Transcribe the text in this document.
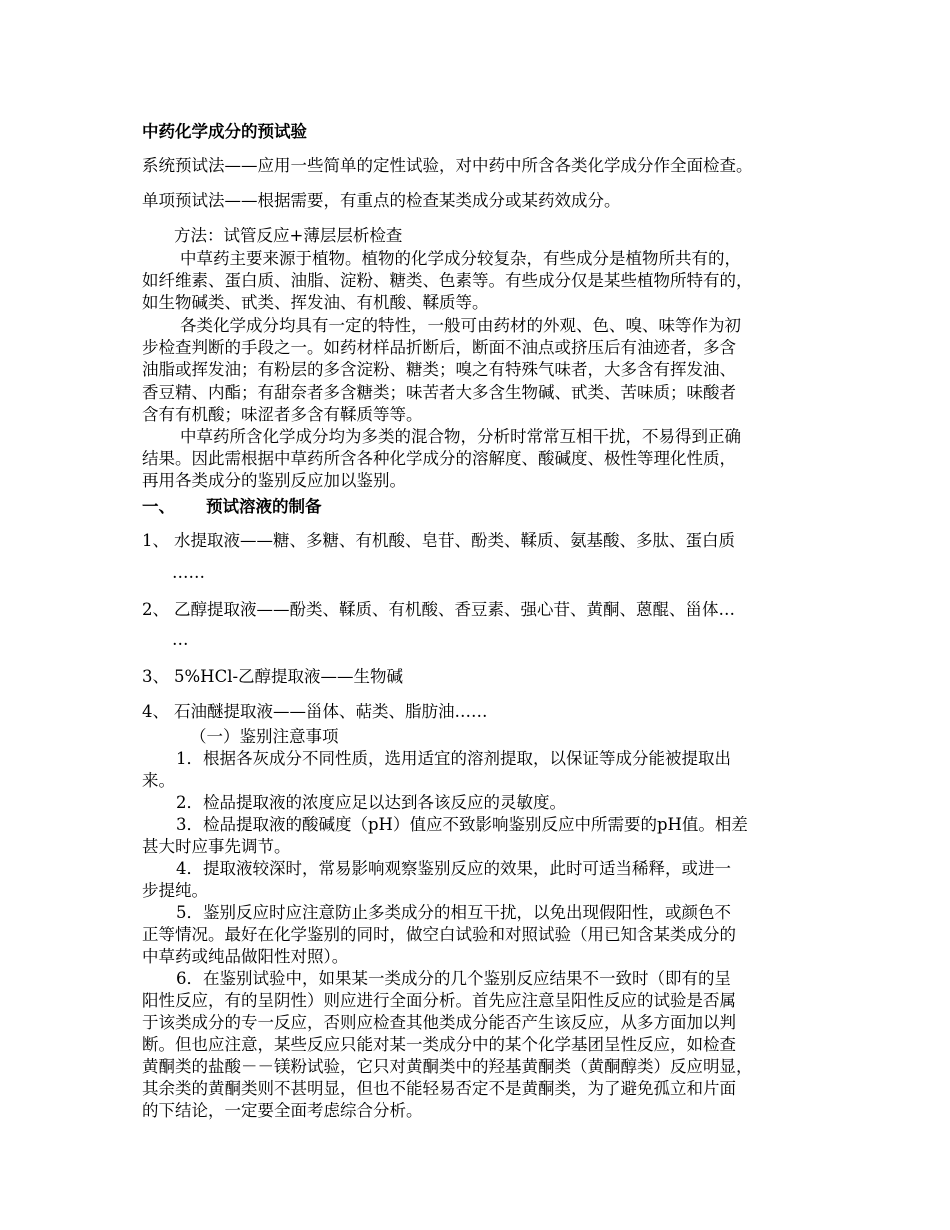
中药化学成分的预试验
系统预试法——应用一些简单的定性试验，对中药中所含各类化学成分作全面检查。
单项预试法——根据需要，有重点的检查某类成分或某药效成分。
方法：试管反应+薄层层析检查
中草药主要来源于植物。植物的化学成分较复杂，有些成分是植物所共有的，
如纤维素、蛋白质、油脂、淀粉、糖类、色素等。有些成分仅是某些植物所特有的，
如生物碱类、甙类、挥发油、有机酸、鞣质等。
各类化学成分均具有一定的特性，一般可由药材的外观、色、嗅、味等作为初
步检查判断的手段之一。如药材样品折断后，断面不油点或挤压后有油迹者，多含
油脂或挥发油；有粉层的多含淀粉、糖类；嗅之有特殊气味者，大多含有挥发油、
香豆精、内酯；有甜奈者多含糖类；味苦者大多含生物碱、甙类、苦味质；味酸者
含有有机酸；味涩者多含有鞣质等等。
中草药所含化学成分均为多类的混合物，分析时常常互相干扰，不易得到正确
结果。因此需根据中草药所含各种化学成分的溶解度、酸碱度、极性等理化性质，
再用各类成分的鉴别反应加以鉴别。
一、 预试溶液的制备
1、 水提取液——糖、多糖、有机酸、皂苷、酚类、鞣质、氨基酸、多肽、蛋白质
……
2、 乙醇提取液——酚类、鞣质、有机酸、香豆素、强心苷、黄酮、蒽醌、甾体…
…
3、 5%HCl-乙醇提取液——生物碱
4、 石油醚提取液——甾体、萜类、脂肪油……
（一）鉴别注意事项
1．根据各灰成分不同性质，选用适宜的溶剂提取，以保证等成分能被提取出
来。
2．检品提取液的浓度应足以达到各该反应的灵敏度。
3．检品提取液的酸碱度（pH）值应不致影响鉴别反应中所需要的pH值。相差
甚大时应事先调节。
4．提取液较深时，常易影响观察鉴别反应的效果，此时可适当稀释，或进一
步提纯。
5．鉴别反应时应注意防止多类成分的相互干扰，以免出现假阳性，或颜色不
正等情况。最好在化学鉴别的同时，做空白试验和对照试验（用已知含某类成分的
中草药或纯品做阳性对照）。
6．在鉴别试验中，如果某一类成分的几个鉴别反应结果不一致时（即有的呈
阳性反应，有的呈阴性）则应进行全面分析。首先应注意呈阳性反应的试验是否属
于该类成分的专一反应，否则应检查其他类成分能否产生该反应，从多方面加以判
断。但也应注意，某些反应只能对某一类成分中的某个化学基团呈性反应，如检查
黄酮类的盐酸－－镁粉试验，它只对黄酮类中的羟基黄酮类（黄酮醇类）反应明显，
其余类的黄酮类则不甚明显，但也不能轻易否定不是黄酮类，为了避免孤立和片面
的下结论，一定要全面考虑综合分析。
